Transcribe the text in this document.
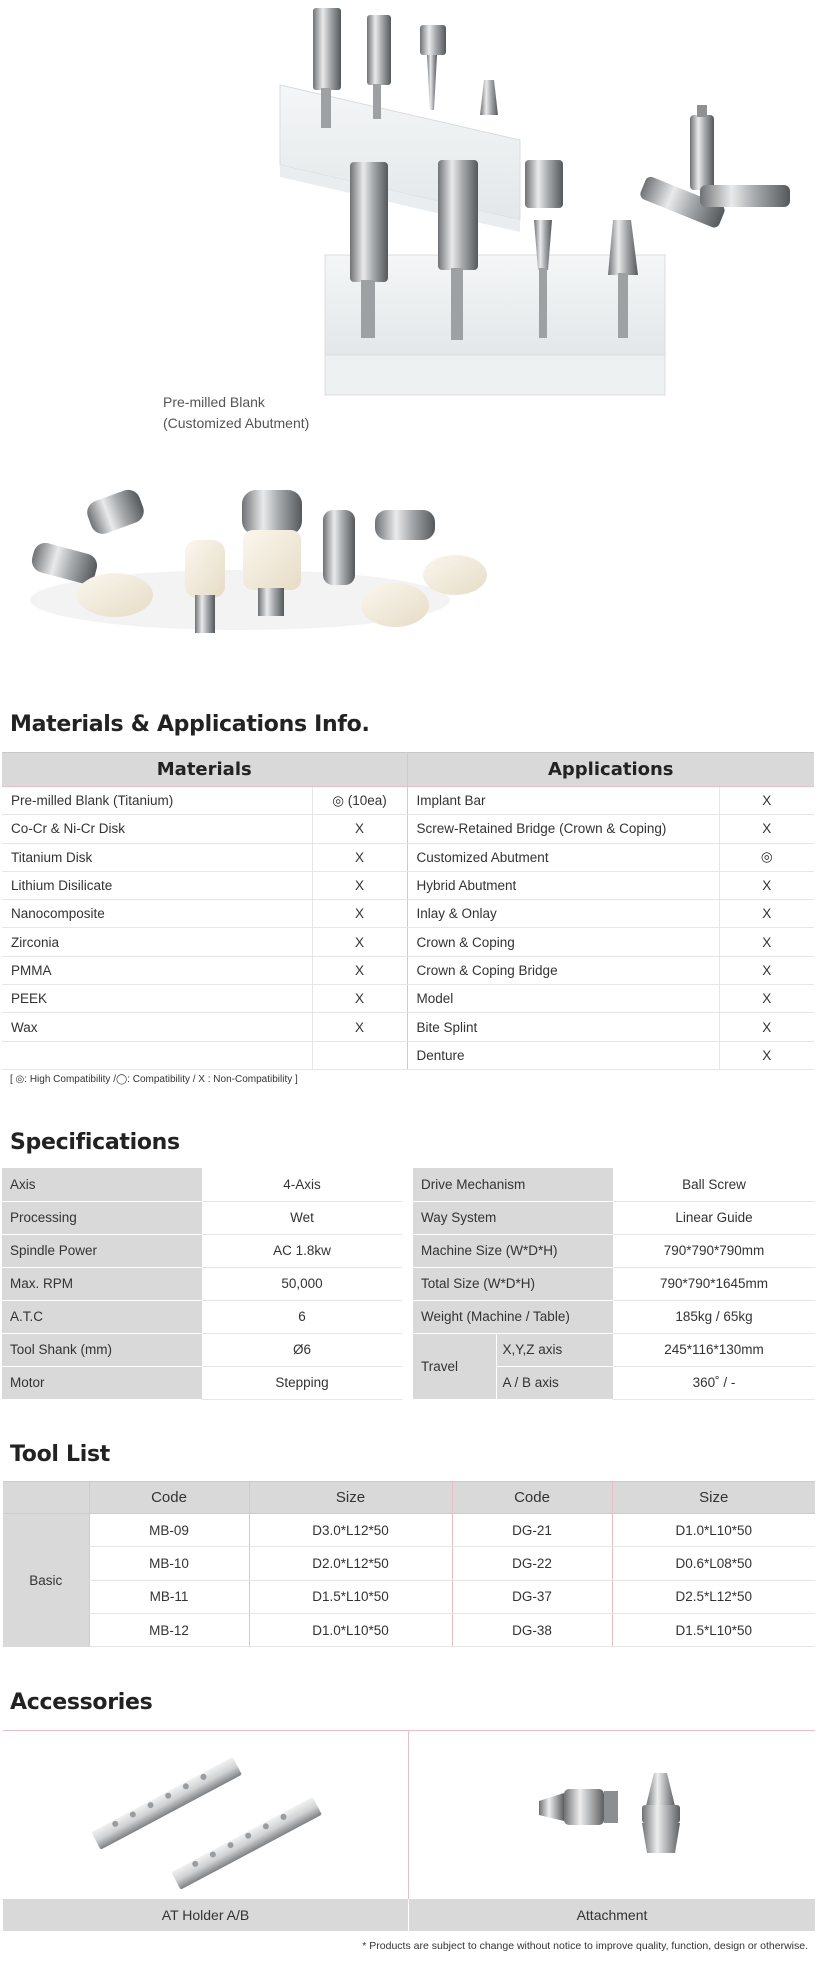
Pre-milled Blank
(Customized Abutment)
Materials & Applications Info.
Materials		Applications	
Pre-milled Blank (Titanium)	◎ (10ea)	Implant Bar	X
Co-Cr & Ni-Cr Disk	X	Screw-Retained Bridge (Crown & Coping)	X
Titanium Disk	X	Customized Abutment	◎
Lithium Disilicate	X	Hybrid Abutment	X
Nanocomposite	X	Inlay & Onlay	X
Zirconia	X	Crown & Coping	X
PMMA	X	Crown & Coping Bridge	X
PEEK	X	Model	X
Wax	X	Bite Splint	X
		Denture	X
[ ◎: High Compatibility /◯: Compatibility / X : Non-Compatibility ]
Specifications
Axis	4-Axis
Processing	Wet
Spindle Power	AC 1.8kw
Max. RPM	50,000
A.T.C	6
Tool Shank (mm)	Ø6
Motor	Stepping
Drive Mechanism		Ball Screw
Way System		Linear Guide
Machine Size (W*D*H)		790*790*790mm
Total Size (W*D*H)		790*790*1645mm
Weight (Machine / Table)		185kg / 65kg
Travel	X,Y,Z axis	245*116*130mm
	A / B axis	360˚ / -
Tool List
	Code	Size	Code	Size
Basic	MB-09	D3.0*L12*50	DG-21	D1.0*L10*50
	MB-10	D2.0*L12*50	DG-22	D0.6*L08*50
	MB-11	D1.5*L10*50	DG-37	D2.5*L12*50
	MB-12	D1.0*L10*50	DG-38	D1.5*L10*50
Accessories
AT Holder A/B	Attachment
* Products are subject to change without notice to improve quality, function, design or otherwise.
